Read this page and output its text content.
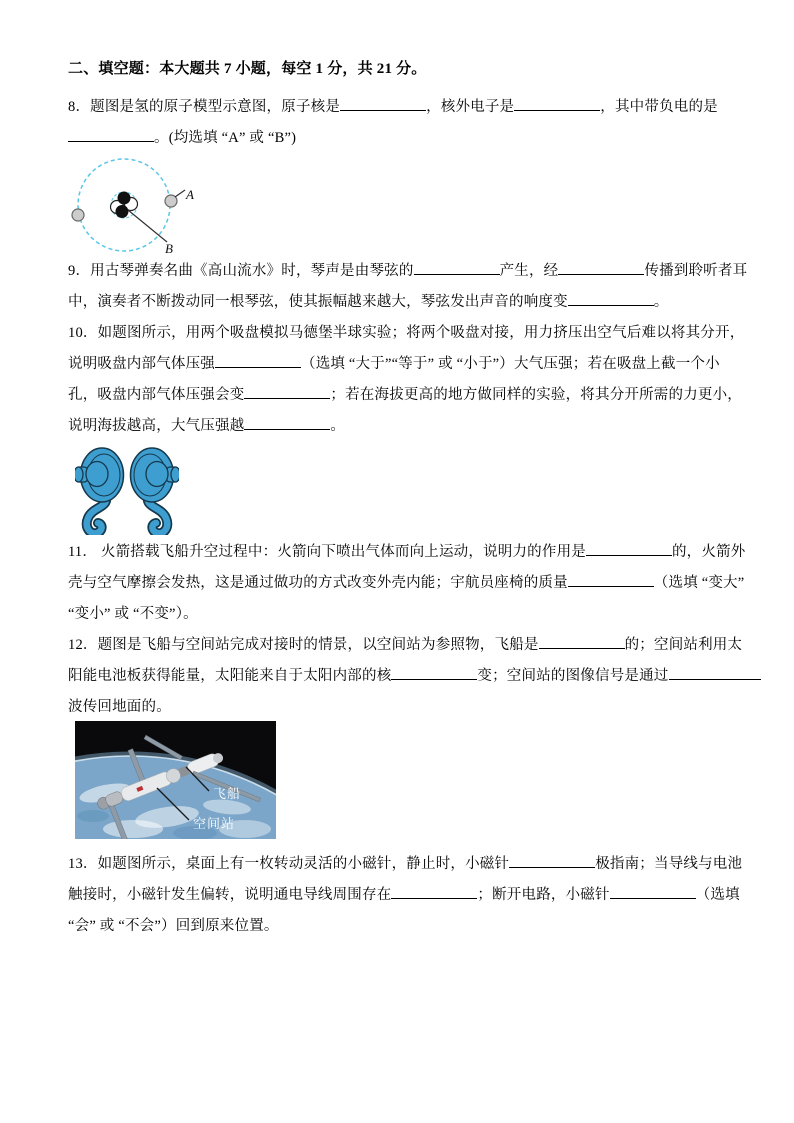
二、填空题：本大题共 7 小题，每空 1 分，共 21 分。

8．题图是氢的原子模型示意图，原子核是	，核外电子是	，其中带负电的是
。(均选填 “A” 或 “B”)

A
B

9．用古琴弹奏名曲《高山流水》时，琴声是由琴弦的	产生，经	传播到聆听者耳
中，演奏者不断拨动同一根琴弦，使其振幅越来越大，琴弦发出声音的响度变	。

10．如题图所示，用两个吸盘模拟马德堡半球实验；将两个吸盘对接，用力挤压出空气后难以将其分开，
说明吸盘内部气体压强	（选填 “大于”“等于” 或 “小于”）大气压强；若在吸盘上截一个小
孔，吸盘内部气体压强会变	；若在海拔更高的地方做同样的实验，将其分开所需的力更小，
说明海拔越高，大气压强越	。

11． 火箭搭载飞船升空过程中：火箭向下喷出气体而向上运动，说明力的作用是	的，火箭外
壳与空气摩擦会发热，这是通过做功的方式改变外壳内能；宇航员座椅的质量	（选填 “变大”
“变小” 或 “不变”）。

12．题图是飞船与空间站完成对接时的情景，以空间站为参照物，飞船是	的；空间站利用太
阳能电池板获得能量，太阳能来自于太阳内部的核	变；空间站的图像信号是通过
波传回地面的。

飞船
空间站

13．如题图所示，桌面上有一枚转动灵活的小磁针，静止时，小磁针	极指南；当导线与电池
触接时，小磁针发生偏转，说明通电导线周围存在	；断开电路，小磁针	（选填
“会” 或 “不会”）回到原来位置。
